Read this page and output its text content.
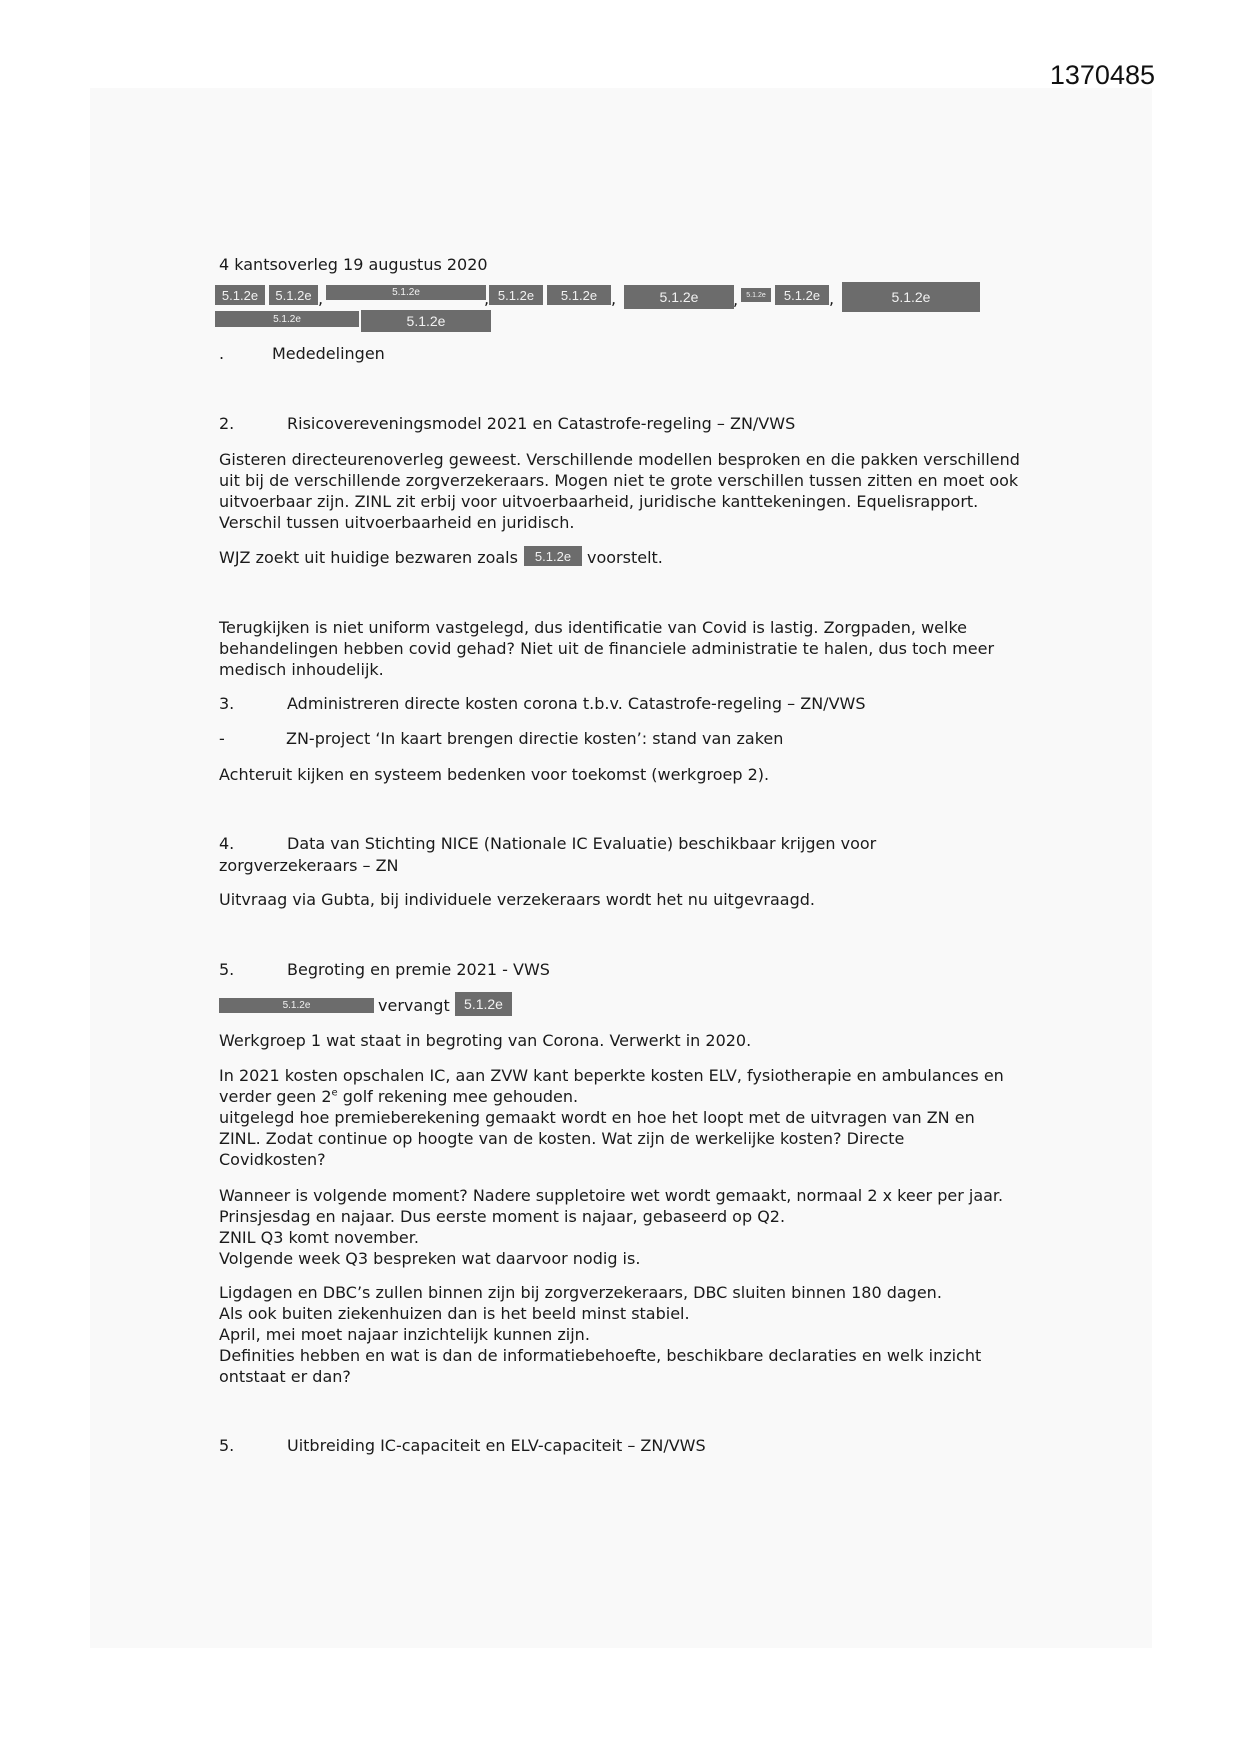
1370485
4 kantsoverleg 19 augustus 2020
5.1.2e	5.1.2e ,	5.1.2e	, 5.1.2e	5.1.2e ,	5.1.2e	,	5.1.2e	5.1.2e ,	5.1.2e
5.1.2e	5.1.2e
.	Mededelingen
2.	Risicovereveningsmodel 2021 en Catastrofe-regeling – ZN/VWS
Gisteren directeurenoverleg geweest. Verschillende modellen besproken en die pakken verschillend
uit bij de verschillende zorgverzekeraars. Mogen niet te grote verschillen tussen zitten en moet ook
uitvoerbaar zijn. ZINL zit erbij voor uitvoerbaarheid, juridische kanttekeningen. Equelisrapport.
Verschil tussen uitvoerbaarheid en juridisch.
WJZ zoekt uit huidige bezwaren zoals	5.1.2e voorstelt.
Terugkijken is niet uniform vastgelegd, dus identificatie van Covid is lastig. Zorgpaden, welke
behandelingen hebben covid gehad? Niet uit de financiele administratie te halen, dus toch meer
medisch inhoudelijk.
3.	Administreren directe kosten corona t.b.v. Catastrofe-regeling – ZN/VWS
-	ZN-project ‘In kaart brengen directie kosten’: stand van zaken
Achteruit kijken en systeem bedenken voor toekomst (werkgroep 2).
4.	Data van Stichting NICE (Nationale IC Evaluatie) beschikbaar krijgen voor
zorgverzekeraars – ZN
Uitvraag via Gubta, bij individuele verzekeraars wordt het nu uitgevraagd.
5.	Begroting en premie 2021 - VWS
5.1.2e	vervangt	5.1.2e
Werkgroep 1 wat staat in begroting van Corona. Verwerkt in 2020.
In 2021 kosten opschalen IC, aan ZVW kant beperkte kosten ELV, fysiotherapie en ambulances en
verder geen 2e golf rekening mee gehouden.
uitgelegd hoe premieberekening gemaakt wordt en hoe het loopt met de uitvragen van ZN en
ZINL. Zodat continue op hoogte van de kosten. Wat zijn de werkelijke kosten? Directe
Covidkosten?
Wanneer is volgende moment? Nadere suppletoire wet wordt gemaakt, normaal 2 x keer per jaar.
Prinsjesdag en najaar. Dus eerste moment is najaar, gebaseerd op Q2.
ZNIL Q3 komt november.
Volgende week Q3 bespreken wat daarvoor nodig is.
Ligdagen en DBC’s zullen binnen zijn bij zorgverzekeraars, DBC sluiten binnen 180 dagen.
Als ook buiten ziekenhuizen dan is het beeld minst stabiel.
April, mei moet najaar inzichtelijk kunnen zijn.
Definities hebben en wat is dan de informatiebehoefte, beschikbare declaraties en welk inzicht
ontstaat er dan?
5.	Uitbreiding IC-capaciteit en ELV-capaciteit – ZN/VWS
